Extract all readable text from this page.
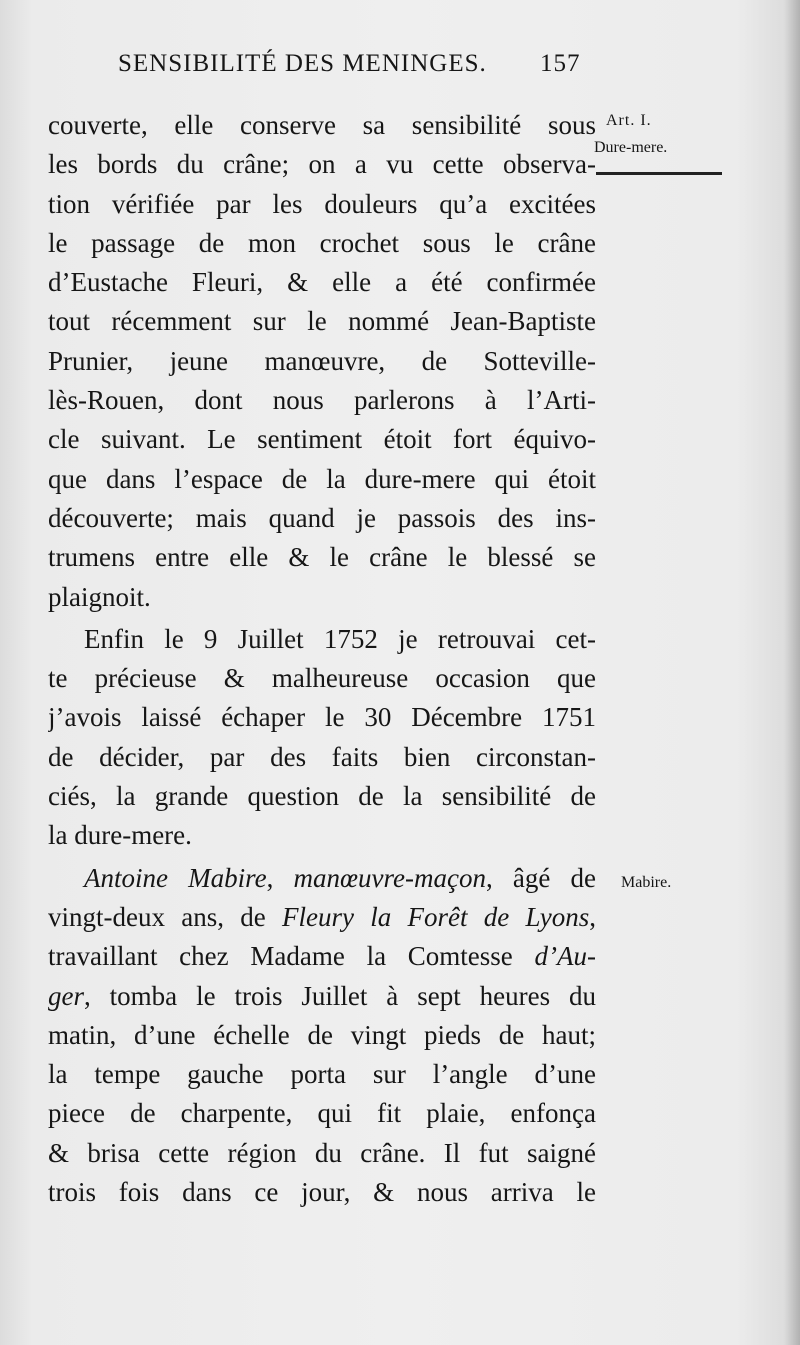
SENSIBILITÉ DES MENINGES. 157
Art. I.
Dure-mere.
Mabire.
couverte, elle conserve sa sensibilité sous
les bords du crâne; on a vu cette observa-
tion vérifiée par les douleurs qu’a excitées
le passage de mon crochet sous le crâne
d’Eustache Fleuri, & elle a été confirmée
tout récemment sur le nommé Jean-Baptiste
Prunier, jeune manœuvre, de Sotteville-
lès-Rouen, dont nous parlerons à l’Arti-
cle suivant. Le sentiment étoit fort équivo-
que dans l’espace de la dure-mere qui étoit
découverte; mais quand je passois des ins-
trumens entre elle & le crâne le blessé se
plaignoit.
Enfin le 9 Juillet 1752 je retrouvai cet-
te précieuse & malheureuse occasion que
j’avois laissé échaper le 30 Décembre 1751
de décider, par des faits bien circonstan-
ciés, la grande question de la sensibilité de
la dure-mere.
Antoine Mabire, manœuvre-maçon, âgé de
vingt-deux ans, de Fleury la Forêt de Lyons,
travaillant chez Madame la Comtesse d’Au-
ger, tomba le trois Juillet à sept heures du
matin, d’une échelle de vingt pieds de haut;
la tempe gauche porta sur l’angle d’une
piece de charpente, qui fit plaie, enfonça
& brisa cette région du crâne. Il fut saigné
trois fois dans ce jour, & nous arriva le
